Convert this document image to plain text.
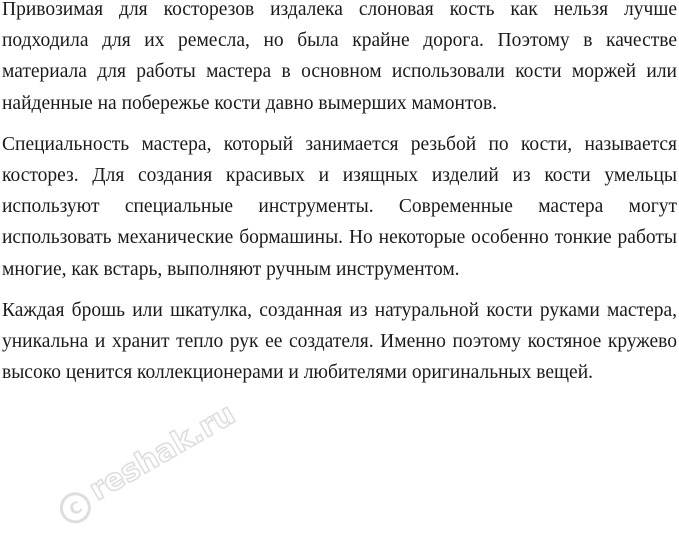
Привозимая для косторезов издалека слоновая кость как нельзя лучше подходила для их ремесла, но была крайне дорога. Поэтому в качестве материала для работы мастера в основном использовали кости моржей или найденные на побережье кости давно вымерших мамонтов.

Специальность мастера, который занимается резьбой по кости, называется косторез. Для создания красивых и изящных изделий из кости умельцы используют специальные инструменты. Современные мастера могут использовать механические бормашины. Но некоторые особенно тонкие работы многие, как встарь, выполняют ручным инструментом.

Каждая брошь или шкатулка, созданная из натуральной кости руками мастера, уникальна и хранит тепло рук ее создателя. Именно поэтому костяное кружево высоко ценится коллекционерами и любителями оригинальных вещей.

C
reshak.ru
